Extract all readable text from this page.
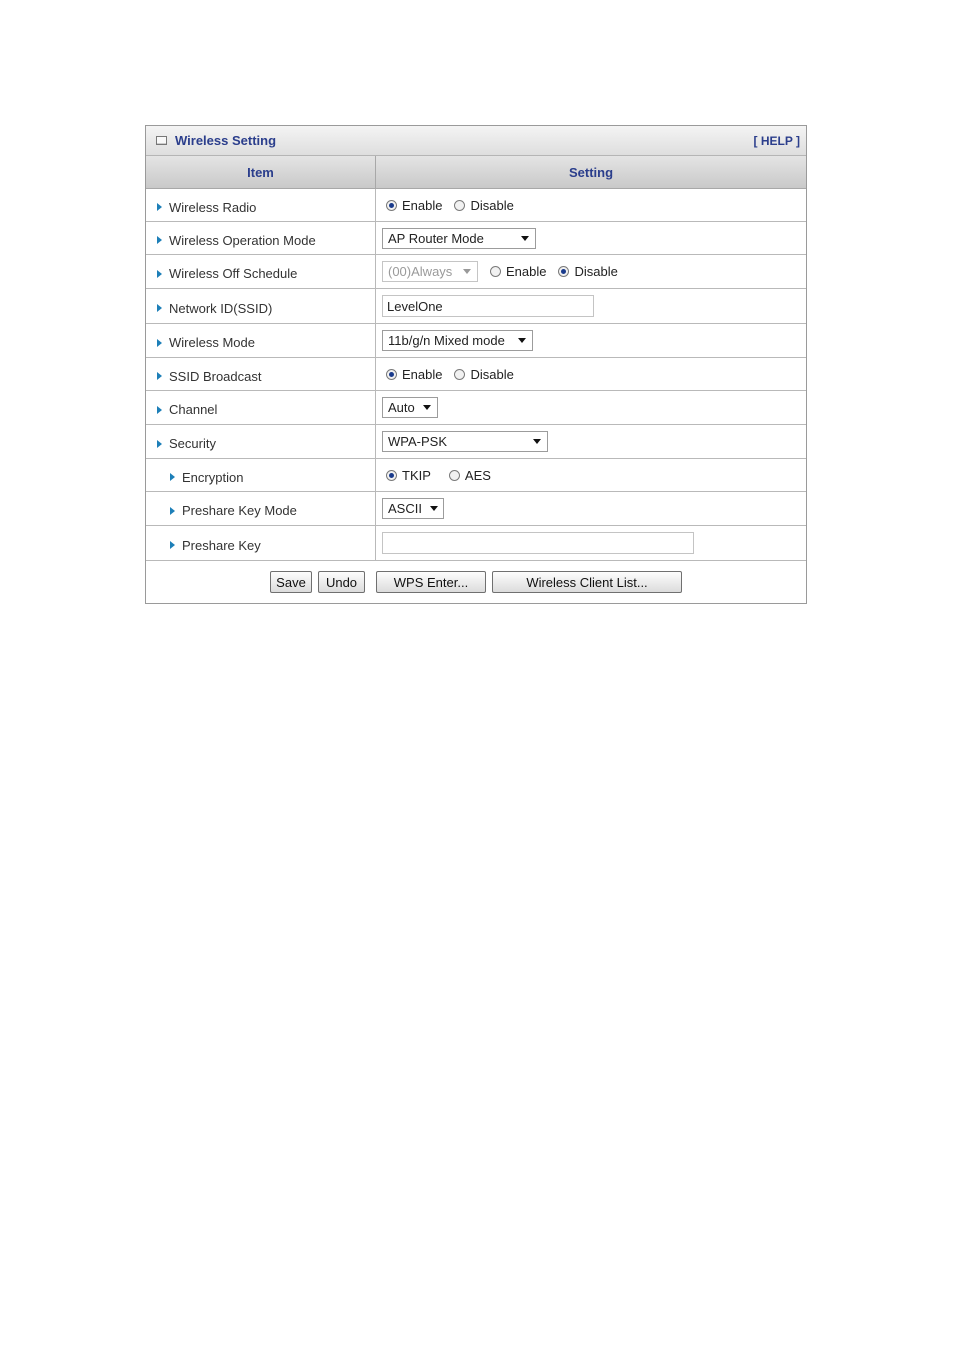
Wireless Setting	[ HELP ]
Item	Setting
Wireless Radio	Enable Disable
Wireless Operation Mode	AP Router Mode
Wireless Off Schedule	(00)Always	Enable Disable
Network ID(SSID)	LevelOne
Wireless Mode	11b/g/n Mixed mode
SSID Broadcast	Enable Disable
Channel	Auto
Security	WPA-PSK
Encryption	TKIP	AES
Preshare Key Mode	ASCII
Preshare Key
Save	Undo	WPS Enter...	Wireless Client List...
